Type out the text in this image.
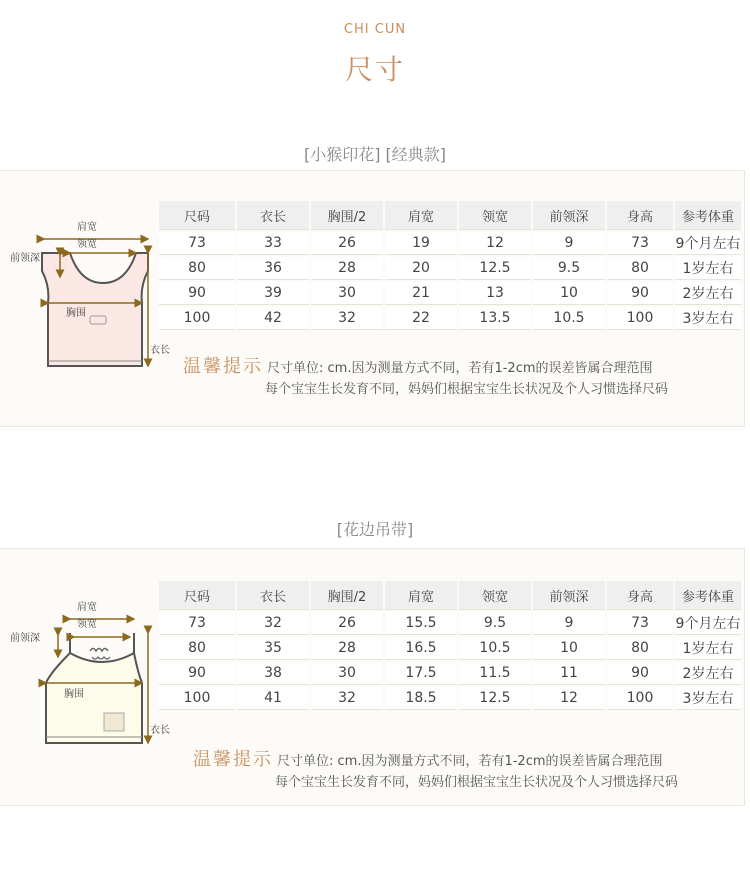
CHI CUN
尺寸
[小猴印花] [经典款]
肩宽
领宽
前领深
胸围
衣长
尺码	衣长	胸围/2	肩宽	领宽	前领深	身高	参考体重
73	33	26	19	12	9	73	9个月左右
80	36	28	20	12.5	9.5	80	1岁左右
90	39	30	21	13	10	90	2岁左右
100	42	32	22	13.5	10.5	100	3岁左右
温馨提示 尺寸单位: cm.因为测量方式不同，若有1-2cm的误差皆属合理范围
每个宝宝生长发育不同，妈妈们根据宝宝生长状况及个人习惯选择尺码
[花边吊带]
肩宽
领宽
前领深
胸围
衣长
尺码	衣长	胸围/2	肩宽	领宽	前领深	身高	参考体重
73	32	26	15.5	9.5	9	73	9个月左右
80	35	28	16.5	10.5	10	80	1岁左右
90	38	30	17.5	11.5	11	90	2岁左右
100	41	32	18.5	12.5	12	100	3岁左右
温馨提示 尺寸单位: cm.因为测量方式不同，若有1-2cm的误差皆属合理范围
每个宝宝生长发育不同，妈妈们根据宝宝生长状况及个人习惯选择尺码
